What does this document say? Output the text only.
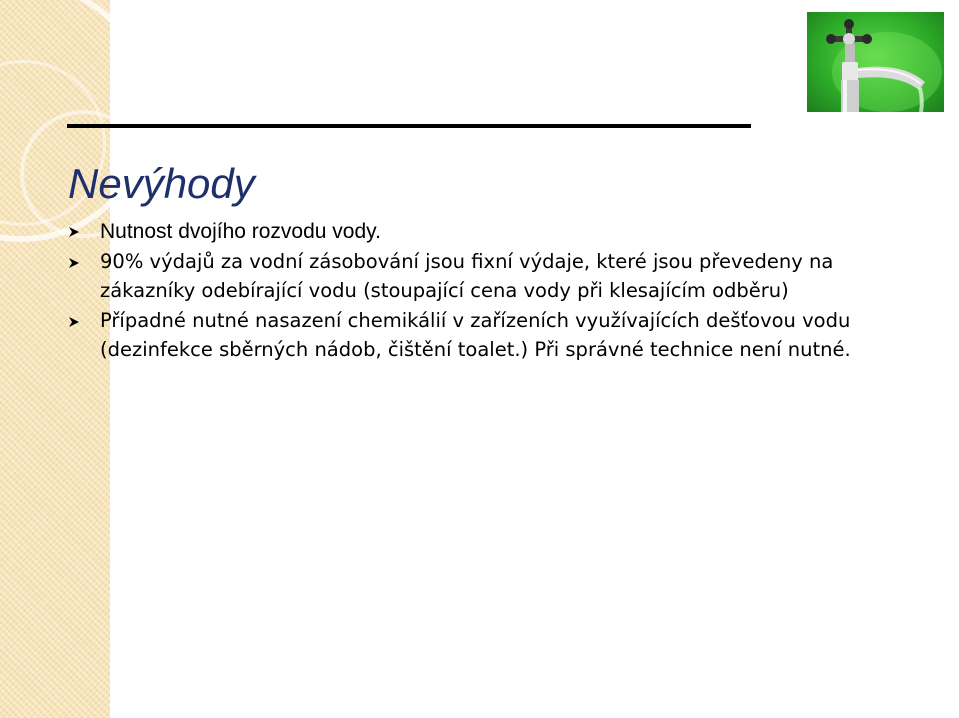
Nevýhody
Nutnost dvojího rozvodu vody.
90% výdajů za vodní zásobování jsou fixní výdaje, které jsou převedeny na zákazníky odebírající vodu (stoupající cena vody při klesajícím odběru)
Případné nutné nasazení chemikálií v zařízeních využívajících dešťovou vodu (dezinfekce sběrných nádob, čištění toalet.) Při správné technice není nutné.
